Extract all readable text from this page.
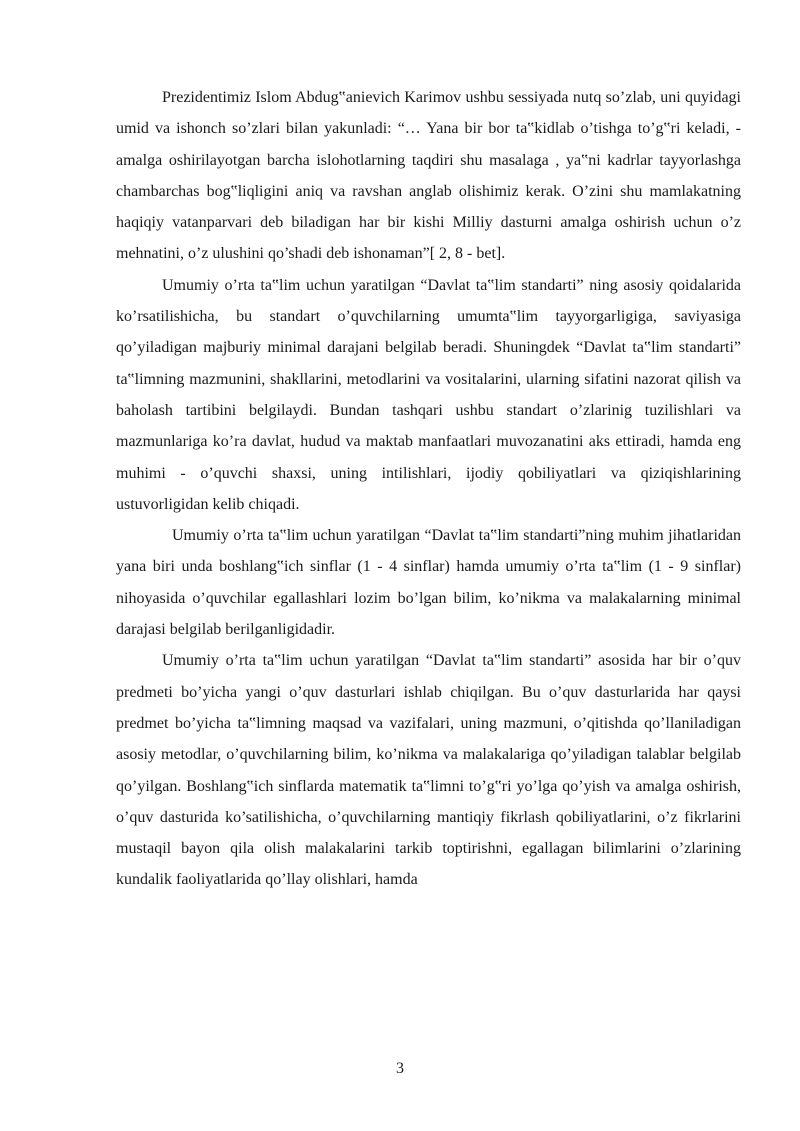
Prezidentimiz Islom Abdug‟anievich Karimov ushbu sessiyada nutq so’zlab, uni quyidagi umid va ishonch so’zlari bilan yakunladi: “… Yana bir bor ta‟kidlab o’tishga to’g‟ri keladi, - amalga oshirilayotgan barcha islohotlarning taqdiri shu masalaga , ya‟ni kadrlar tayyorlashga chambarchas bog‟liqligini aniq va ravshan anglab olishimiz kerak. O’zini shu mamlakatning haqiqiy vatanparvari deb biladigan har bir kishi Milliy dasturni amalga oshirish uchun o’z mehnatini, o’z ulushini qo’shadi deb ishonaman”[ 2, 8 - bet].

Umumiy o’rta ta‟lim uchun yaratilgan “Davlat ta‟lim standarti” ning asosiy qoidalarida ko’rsatilishicha, bu standart o’quvchilarning umumta‟lim tayyorgarligiga, saviyasiga qo’yiladigan majburiy minimal darajani belgilab beradi. Shuningdek “Davlat ta‟lim standarti” ta‟limning mazmunini, shakllarini, metodlarini va vositalarini, ularning sifatini nazorat qilish va baholash tartibini belgilaydi. Bundan tashqari ushbu standart o’zlarinig tuzilishlari va mazmunlariga ko’ra davlat, hudud va maktab manfaatlari muvozanatini aks ettiradi, hamda eng muhimi - o’quvchi shaxsi, uning intilishlari, ijodiy qobiliyatlari va qiziqishlarining ustuvorligidan kelib chiqadi.

Umumiy o’rta ta‟lim uchun yaratilgan “Davlat ta‟lim standarti”ning muhim jihatlaridan yana biri unda boshlang‟ich sinflar (1 - 4 sinflar) hamda umumiy o’rta ta‟lim (1 - 9 sinflar) nihoyasida o’quvchilar egallashlari lozim bo’lgan bilim, ko’nikma va malakalarning minimal darajasi belgilab berilganligidadir.

Umumiy o’rta ta‟lim uchun yaratilgan “Davlat ta‟lim standarti” asosida har bir o’quv predmeti bo’yicha yangi o’quv dasturlari ishlab chiqilgan. Bu o’quv dasturlarida har qaysi predmet bo’yicha ta‟limning maqsad va vazifalari, uning mazmuni, o’qitishda qo’llaniladigan asosiy metodlar, o’quvchilarning bilim, ko’nikma va malakalariga qo’yiladigan talablar belgilab qo’yilgan. Boshlang‟ich sinflarda matematik ta‟limni to’g‟ri yo’lga qo’yish va amalga oshirish, o’quv dasturida ko’satilishicha, o’quvchilarning mantiqiy fikrlash qobiliyatlarini, o’z fikrlarini mustaqil bayon qila olish malakalarini tarkib toptirishni, egallagan bilimlarini o’zlarining kundalik faoliyatlarida qo’llay olishlari, hamda

3
